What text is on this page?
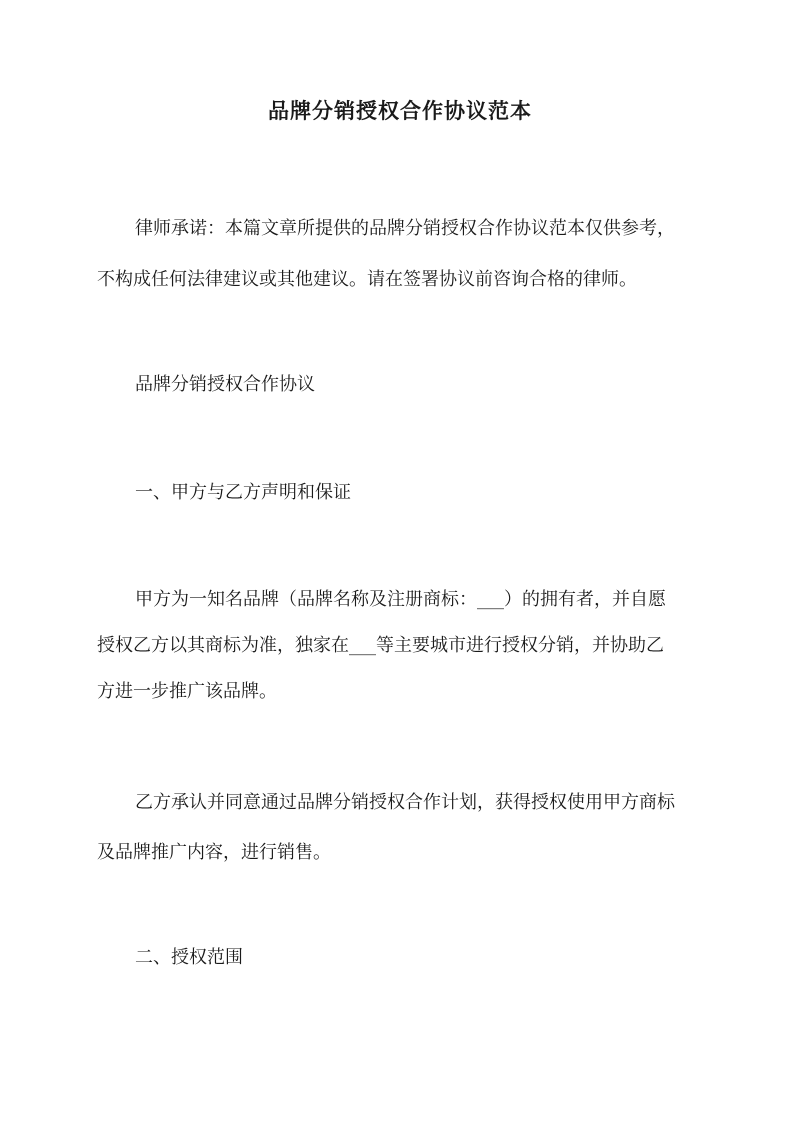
品牌分销授权合作协议范本
律师承诺：本篇文章所提供的品牌分销授权合作协议范本仅供参考，
不构成任何法律建议或其他建议。请在签署协议前咨询合格的律师。
品牌分销授权合作协议
一、甲方与乙方声明和保证
甲方为一知名品牌（品牌名称及注册商标：___）的拥有者，并自愿
授权乙方以其商标为准，独家在___等主要城市进行授权分销，并协助乙
方进一步推广该品牌。
乙方承认并同意通过品牌分销授权合作计划，获得授权使用甲方商标
及品牌推广内容，进行销售。
二、授权范围
